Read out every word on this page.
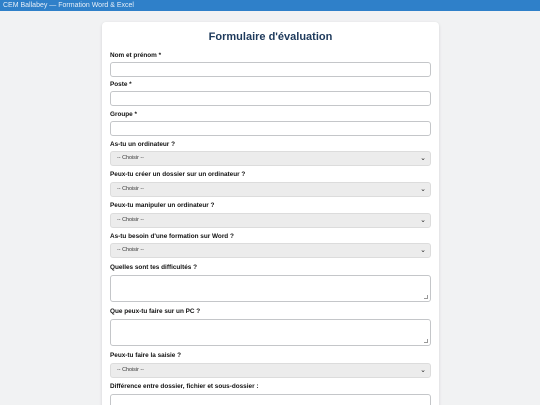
CEM Ballabey — Formation Word & Excel
Formulaire d'évaluation
Nom et prénom *
Poste *
Groupe *
As-tu un ordinateur ?
-- Choisir --	⌄
Peux-tu créer un dossier sur un ordinateur ?
-- Choisir --	⌄
Peux-tu manipuler un ordinateur ?
-- Choisir --	⌄
As-tu besoin d'une formation sur Word ?
-- Choisir --	⌄
Quelles sont tes difficultés ?
Que peux-tu faire sur un PC ?
Peux-tu faire la saisie ?
-- Choisir --	⌄
Différence entre dossier, fichier et sous-dossier :
